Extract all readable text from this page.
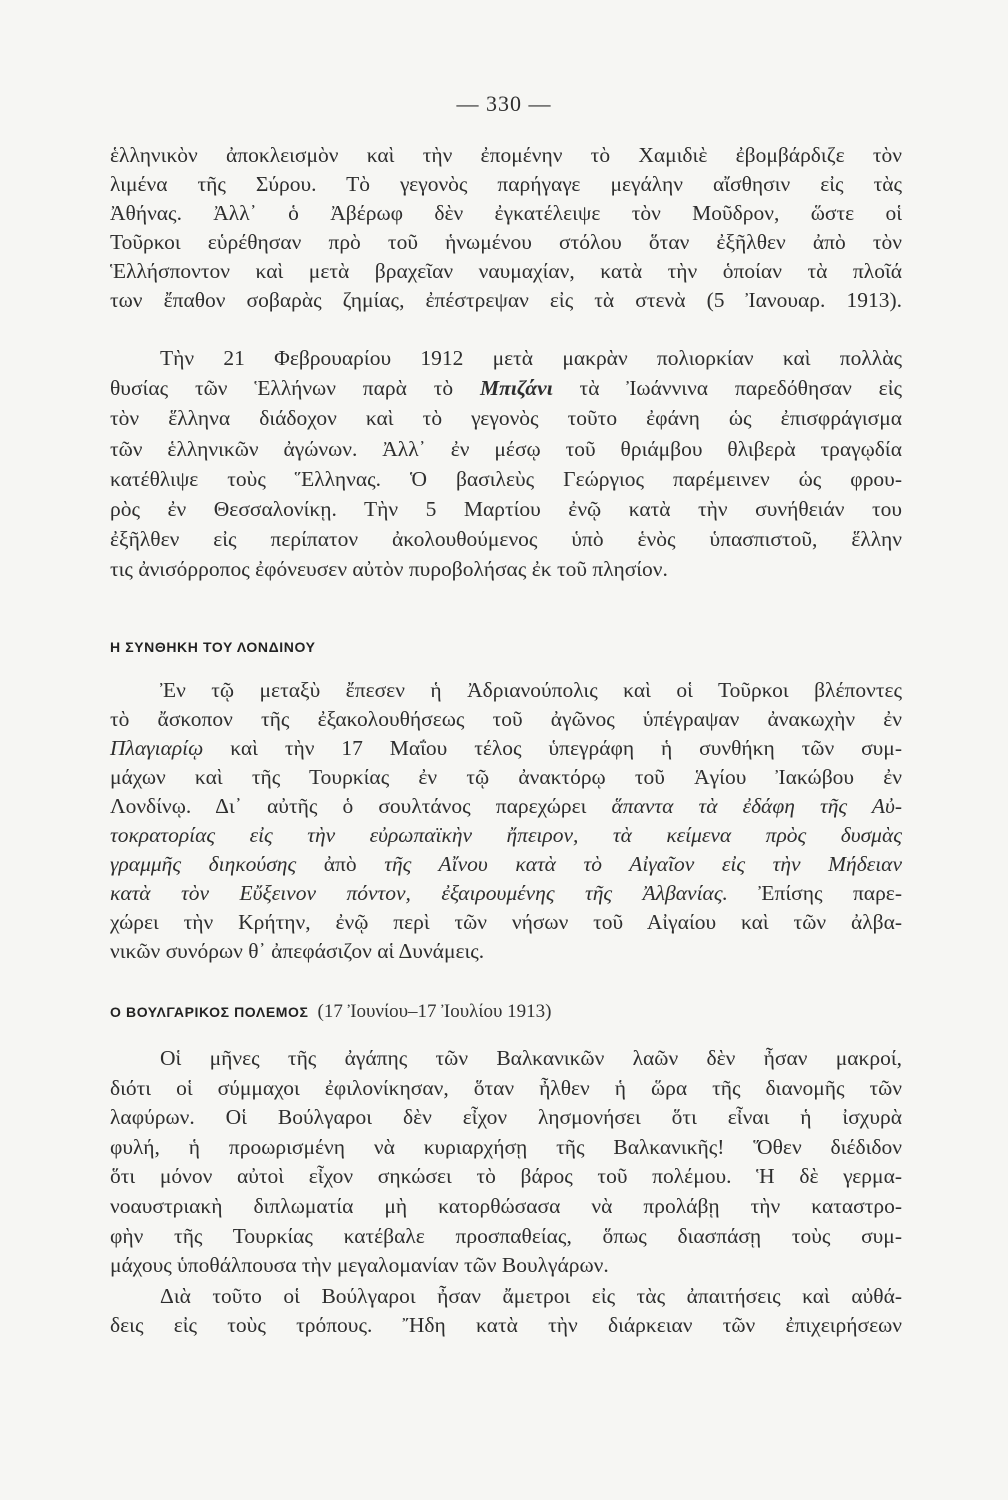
— 330 —
ἑλληνικὸν ἀποκλεισμὸν καὶ τὴν ἐπομένην τὸ Χαμιδιὲ ἐβομβάρδιζε τὸν
λιμένα τῆς Σύρου. Τὸ γεγονὸς παρήγαγε μεγάλην αἴσθησιν εἰς τὰς
Ἀθήνας. Ἀλλ᾽ ὁ Ἀβέρωφ δὲν ἐγκατέλειψε τὸν Μοῦδρον, ὥστε οἱ
Τοῦρκοι εὑρέθησαν πρὸ τοῦ ἡνωμένου στόλου ὅταν ἐξῆλθεν ἀπὸ τὸν
Ἑλλήσποντον καὶ μετὰ βραχεῖαν ναυμαχίαν, κατὰ τὴν ὁποίαν τὰ πλοῖά
των ἔπαθον σοβαρὰς ζημίας, ἐπέστρεψαν εἰς τὰ στενὰ (5 Ἰανουαρ. 1913).
Τὴν 21 Φεβρουαρίου 1912 μετὰ μακρὰν πολιορκίαν καὶ πολλὰς
θυσίας τῶν Ἑλλήνων παρὰ τὸ Μπιζάνι τὰ Ἰωάννινα παρεδόθησαν εἰς
τὸν ἕλληνα διάδοχον καὶ τὸ γεγονὸς τοῦτο ἐφάνη ὡς ἐπισφράγισμα
τῶν ἑλληνικῶν ἀγώνων. Ἀλλ᾽ ἐν μέσῳ τοῦ θριάμβου θλιβερὰ τραγῳδία
κατέθλιψε τοὺς Ἕλληνας. Ὁ βασιλεὺς Γεώργιος παρέμεινεν ὡς φρου-
ρὸς ἐν Θεσσαλονίκῃ. Τὴν 5 Μαρτίου ἐνῷ κατὰ τὴν συνήθειάν του
ἐξῆλθεν εἰς περίπατον ἀκολουθούμενος ὑπὸ ἑνὸς ὑπασπιστοῦ, ἕλλην
τις ἀνισόρροπος ἐφόνευσεν αὐτὸν πυροβολήσας ἐκ τοῦ πλησίον.
Η ΣΥΝΘΗΚΗ ΤΟΥ ΛΟΝΔΙΝΟΥ
Ἐν τῷ μεταξὺ ἔπεσεν ἡ Ἀδριανούπολις καὶ οἱ Τοῦρκοι βλέποντες
τὸ ἄσκοπον τῆς ἐξακολουθήσεως τοῦ ἀγῶνος ὑπέγραψαν ἀνακωχὴν ἐν
Πλαγιαρίῳ καὶ τὴν 17 Μαΐου τέλος ὑπεγράφη ἡ συνθήκη τῶν συμ-
μάχων καὶ τῆς Τουρκίας ἐν τῷ ἀνακτόρῳ τοῦ Ἁγίου Ἰακώβου ἐν
Λονδίνῳ. Δι᾽ αὐτῆς ὁ σουλτάνος παρεχώρει ἅπαντα τὰ ἐδάφη τῆς Αὐ-
τοκρατορίας εἰς τὴν εὐρωπαϊκὴν ἤπειρον, τὰ κείμενα πρὸς δυσμὰς
γραμμῆς διηκούσης ἀπὸ τῆς Αἴνου κατὰ τὸ Αἰγαῖον εἰς τὴν Μήδειαν
κατὰ τὸν Εὔξεινον πόντον, ἐξαιρουμένης τῆς Ἀλβανίας. Ἐπίσης παρε-
χώρει τὴν Κρήτην, ἐνῷ περὶ τῶν νήσων τοῦ Αἰγαίου καὶ τῶν ἀλβα-
νικῶν συνόρων θ᾽ ἀπεφάσιζον αἱ Δυνάμεις.
Ο ΒΟΥΛΓΑΡΙΚΟΣ ΠΟΛΕΜΟΣ (17 Ἰουνίου–17 Ἰουλίου 1913)
Οἱ μῆνες τῆς ἀγάπης τῶν Βαλκανικῶν λαῶν δὲν ἦσαν μακροί,
διότι οἱ σύμμαχοι ἐφιλονίκησαν, ὅταν ἦλθεν ἡ ὥρα τῆς διανομῆς τῶν
λαφύρων. Οἱ Βούλγαροι δὲν εἶχον λησμονήσει ὅτι εἶναι ἡ ἰσχυρὰ
φυλή, ἡ προωρισμένη νὰ κυριαρχήσῃ τῆς Βαλκανικῆς! Ὅθεν διέδιδον
ὅτι μόνον αὐτοὶ εἶχον σηκώσει τὸ βάρος τοῦ πολέμου. Ἡ δὲ γερμα-
νοαυστριακὴ διπλωματία μὴ κατορθώσασα νὰ προλάβῃ τὴν καταστρο-
φὴν τῆς Τουρκίας κατέβαλε προσπαθείας, ὅπως διασπάσῃ τοὺς συμ-
μάχους ὑποθάλπουσα τὴν μεγαλομανίαν τῶν Βουλγάρων.
Διὰ τοῦτο οἱ Βούλγαροι ἦσαν ἄμετροι εἰς τὰς ἀπαιτήσεις καὶ αὐθά-
δεις εἰς τοὺς τρόπους. Ἤδη κατὰ τὴν διάρκειαν τῶν ἐπιχειρήσεων
